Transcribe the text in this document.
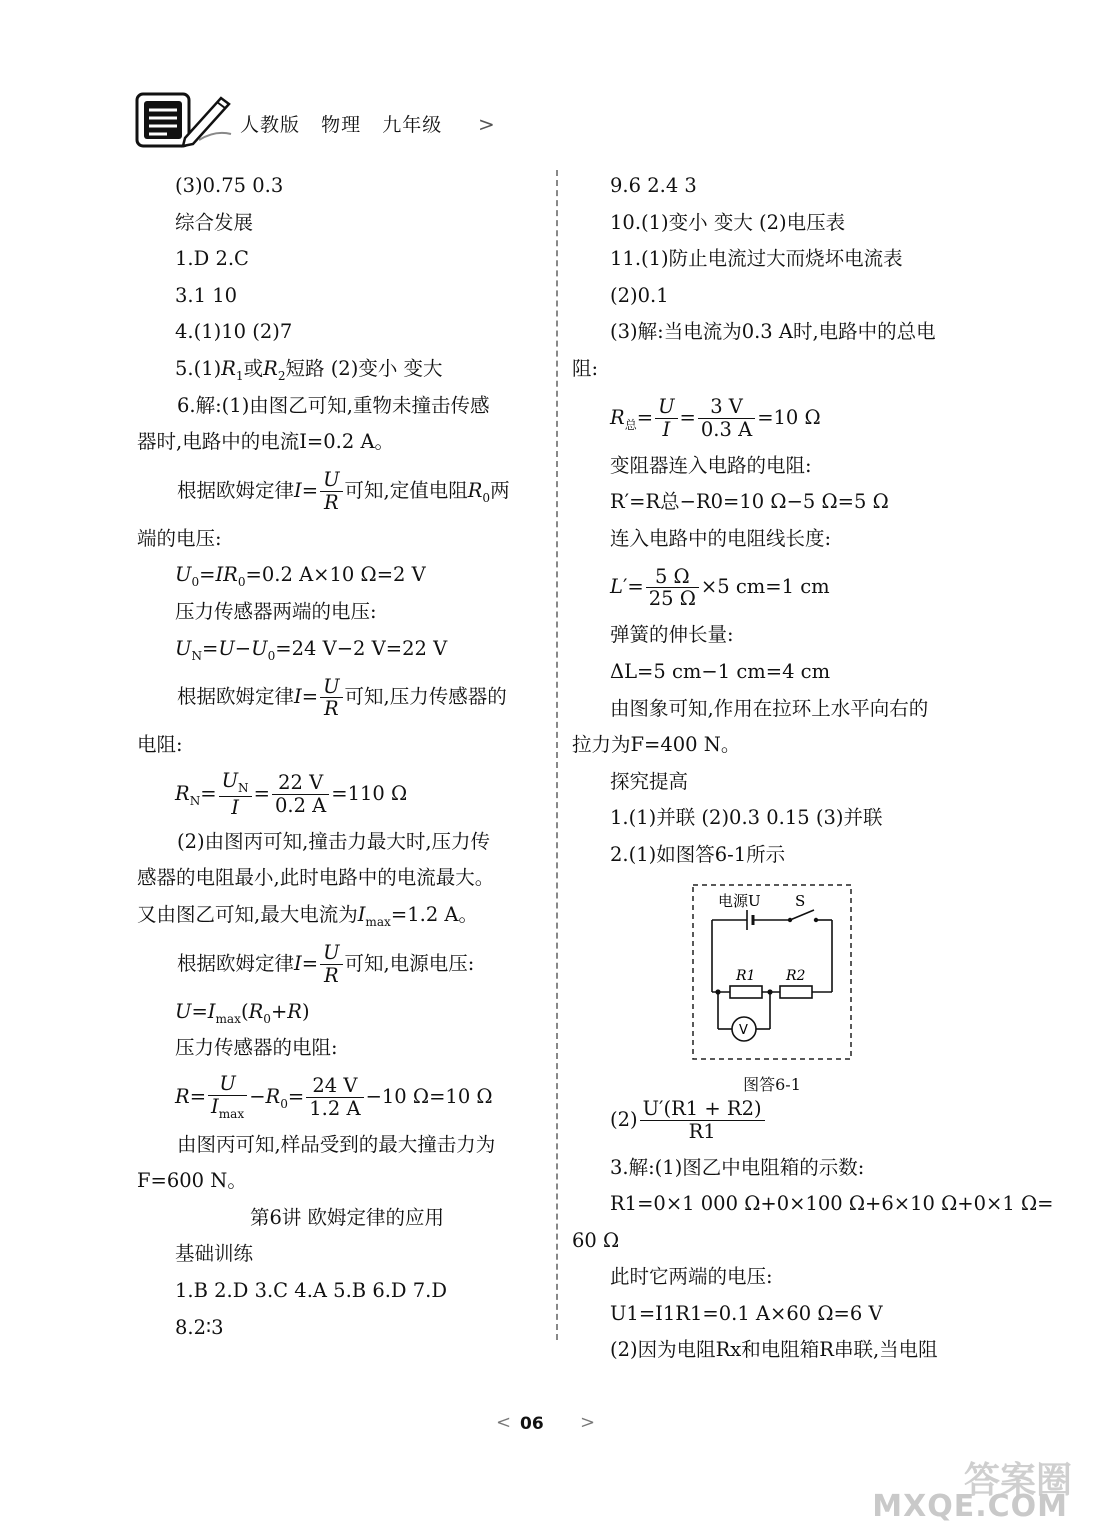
人教版   物理   九年级 >
(3)0.75 0.3
综合发展
1.D 2.C
3.1 10
4.(1)10 (2)7
$5.(1)R_1$或$R_2$短路 (2)变小 变大
6.解:(1)由图乙可知,重物未撞击传感
器时,电路中的电流I=0.2 A。
根据欧姆定律$I= \frac{U}{R}$ 可知,定值电阻$R_0$两
端的电压:
$U_0=IR_0=0.2$ A×10 Ω=2 V
压力传感器两端的电压:
$U_N=U-U_0=24$ V−2 V=22 V
根据欧姆定律$I= \frac{U}{R}$ 可知,压力传感器的
电阻:
$R_N= \frac{U_N}{I} = \frac{22 V}{0.2 A} =110$ Ω
(2)由图丙可知,撞击力最大时,压力传
感器的电阻最小,此时电路中的电流最大。
又由图乙可知,最大电流为$I_{max}=1.2$ A。
根据欧姆定律$I= \frac{U}{R}$ 可知,电源电压:
$U=I_{max}(R_0+R)$
压力传感器的电阻:
$R= \frac{U}{I_{max}} -R_0= \frac{24 V}{1.2 A} -10$ Ω=10 Ω
由图丙可知,样品受到的最大撞击力为
F=600 N。
第6讲 欧姆定律的应用
基础训练
1.B 2.D 3.C 4.A 5.B 6.D 7.D
8.2∶3
9.6 2.4 3
10.(1)变小 变大 (2)电压表
11.(1)防止电流过大而烧坏电流表
(2)0.1
(3)解:当电流为0.3 A时,电路中的总电
阻:
$R_总= \frac{U}{I} = \frac{3 V}{0.3 A} =10$ Ω
变阻器连入电路的电阻:
R′=R总−R0=10 Ω−5 Ω=5 Ω
连入电路中的电阻线长度:
$L'= \frac{5 \Omega}{25 \Omega} \times 5$ cm=1 cm
弹簧的伸长量:
ΔL=5 cm−1 cm=4 cm
由图象可知,作用在拉环上水平向右的
拉力为F=400 N。
探究提高
1.(1)并联 (2)0.3 0.15 (3)并联
2.(1)如图答6-1所示
$(2) \frac{U'(R1 + R2)}{R1}$
3.解:(1)图乙中电阻箱的示数:
R1=0×1 000 Ω+0×100 Ω+6×10 Ω+0×1 Ω=
60 Ω
此时它两端的电压:
U1=I1R1=0.1 A×60 Ω=6 V
(2)因为电阻Rx和电阻箱R串联,当电阻
电源U S
R1 R2
V
图答6-1
< 06 >
答案圈
MXQE.COM
